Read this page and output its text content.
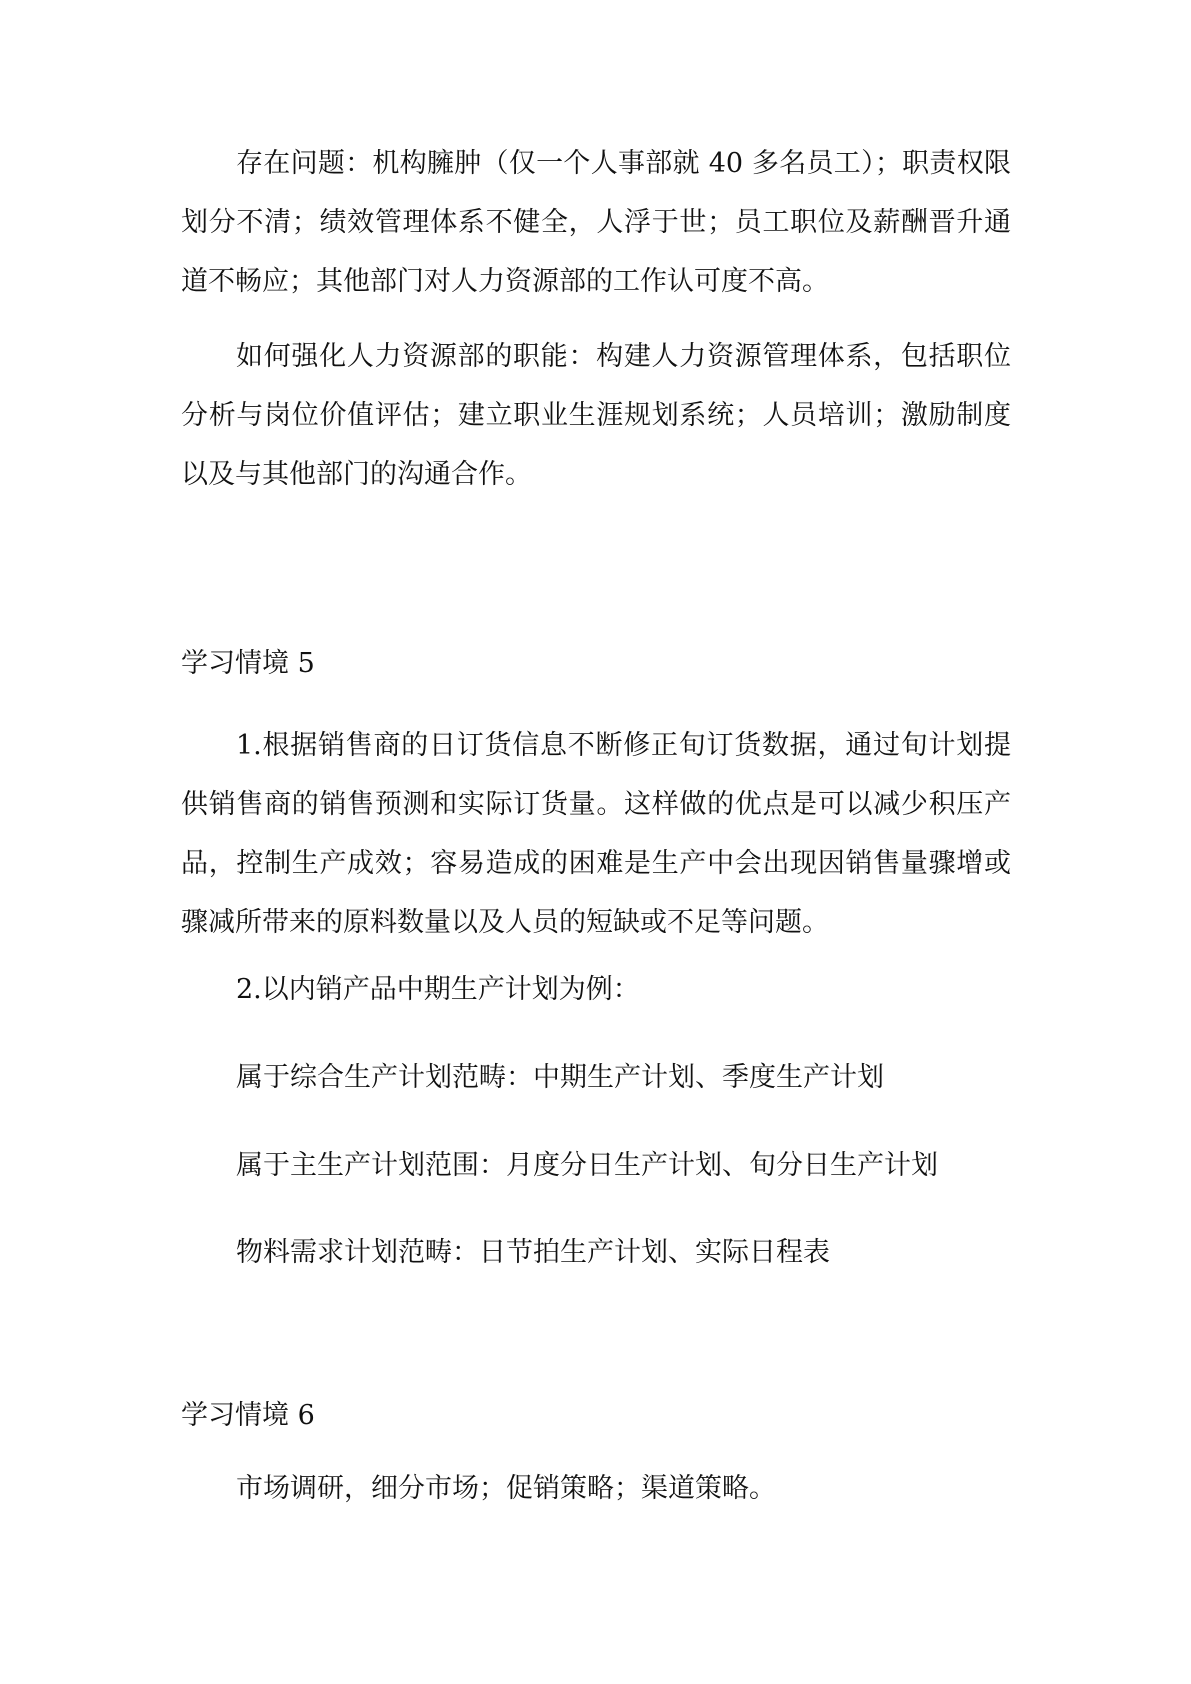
存在问题：机构臃肿（仅一个人事部就 40 多名员工）；职责权限划分不清；绩效管理体系不健全，人浮于世；员工职位及薪酬晋升通道不畅应；其他部门对人力资源部的工作认可度不高。

如何强化人力资源部的职能：构建人力资源管理体系，包括职位分析与岗位价值评估；建立职业生涯规划系统；人员培训；激励制度以及与其他部门的沟通合作。

学习情境 5

1.根据销售商的日订货信息不断修正旬订货数据，通过旬计划提供销售商的销售预测和实际订货量。这样做的优点是可以减少积压产品，控制生产成效；容易造成的困难是生产中会出现因销售量骤增或骤减所带来的原料数量以及人员的短缺或不足等问题。

2.以内销产品中期生产计划为例：

属于综合生产计划范畴：中期生产计划、季度生产计划

属于主生产计划范围：月度分日生产计划、旬分日生产计划

物料需求计划范畴：日节拍生产计划、实际日程表

学习情境 6

市场调研，细分市场；促销策略；渠道策略。
